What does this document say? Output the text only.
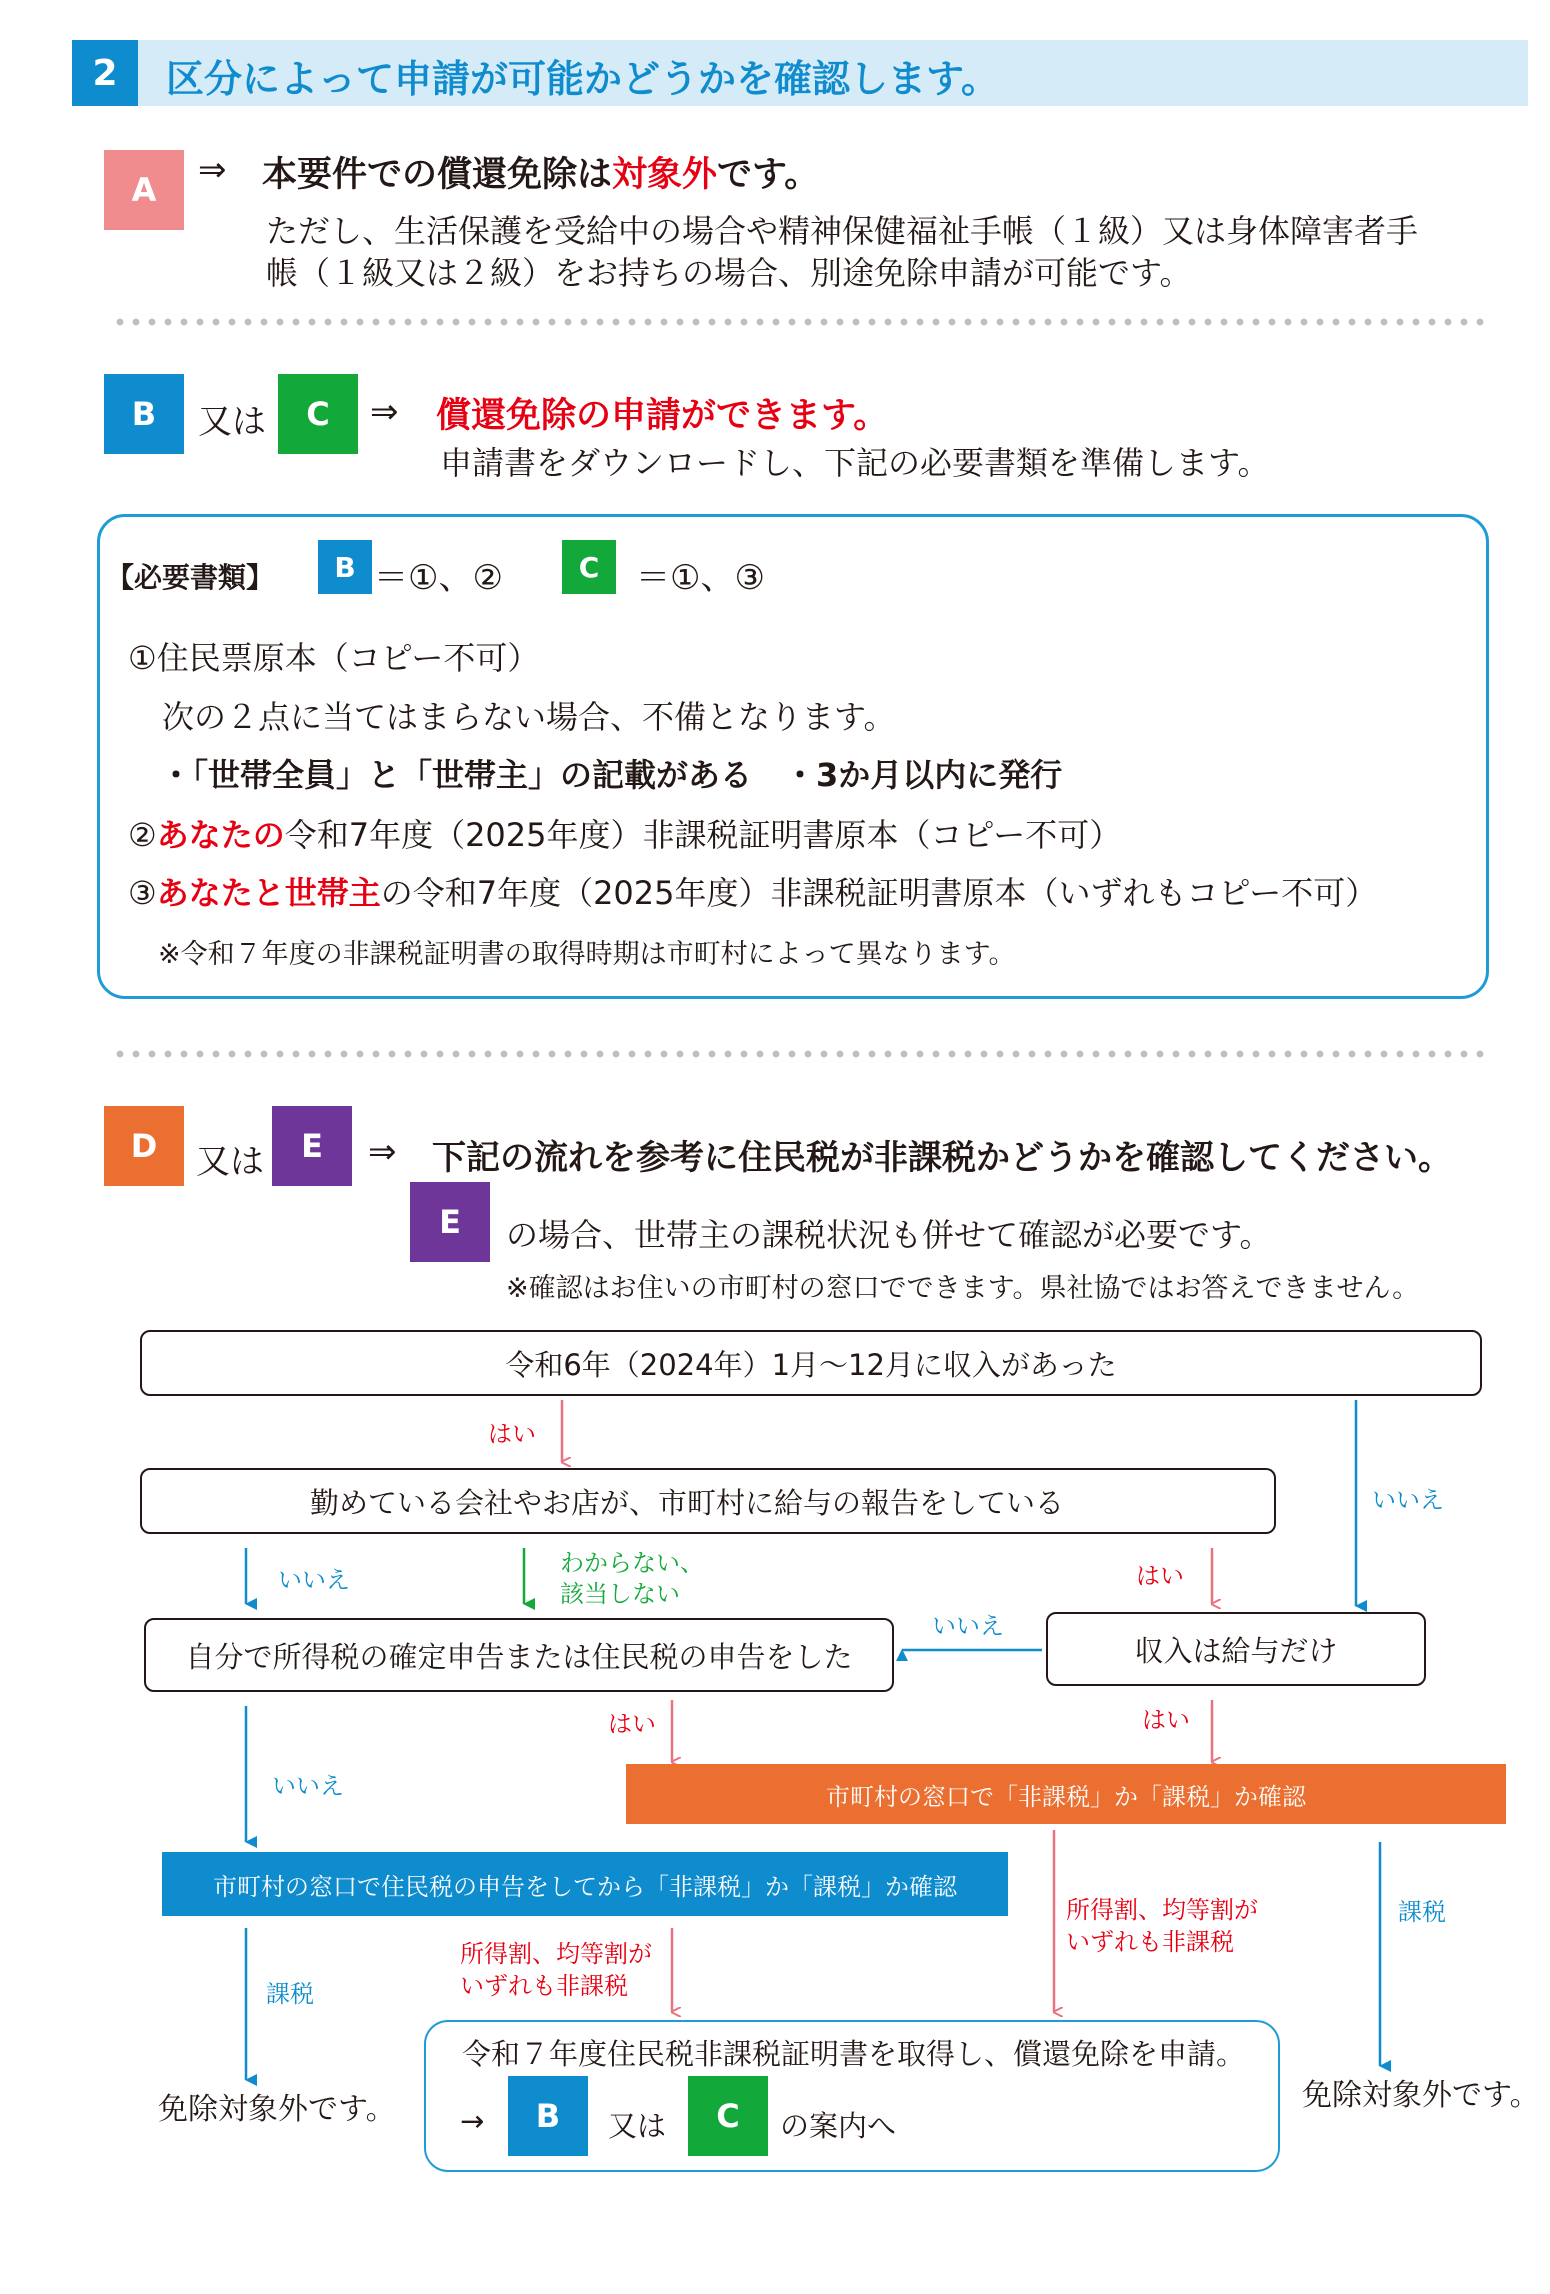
2	区分によって申請が可能かどうかを確認します。
A	⇒ 本要件での償還免除は対象外です。
ただし、生活保護を受給中の場合や精神保健福祉手帳（１級）又は身体障害者手
帳（１級又は２級）をお持ちの場合、別途免除申請が可能です。
B	又は	C	⇒ 償還免除の申請ができます。
申請書をダウンロードし、下記の必要書類を準備します。
【必要書類】	B ＝①、②	C	＝①、③
①住民票原本（コピー不可）
次の２点に当てはまらない場合、不備となります。
・「世帯全員」と「世帯主」の記載がある　・3か月以内に発行
②あなたの令和7年度（2025年度）非課税証明書原本（コピー不可）
③あなたと世帯主の令和7年度（2025年度）非課税証明書原本（いずれもコピー不可）
※令和７年度の非課税証明書の取得時期は市町村によって異なります。
D	又は	E	⇒ 下記の流れを参考に住民税が非課税かどうかを確認してください。
E	の場合、世帯主の課税状況も併せて確認が必要です。
※確認はお住いの市町村の窓口でできます。県社協ではお答えできません。
令和6年（2024年）1月～12月に収入があった
勤めている会社やお店が、市町村に給与の報告をしている
自分で所得税の確定申告または住民税の申告をした	収入は給与だけ
市町村の窓口で「非課税」か「課税」か確認
市町村の窓口で住民税の申告をしてから「非課税」か「課税」か確認
令和７年度住民税非課税証明書を取得し、償還免除を申請。
→	B	又は	C	の案内へ
免除対象外です。	免除対象外です。
はい
いいえ
いいえ
わからない、
該当しない
はい
いいえ
はい	はい
いいえ
課税
所得割、均等割が
いずれも非課税
所得割、均等割が
いずれも非課税
課税
